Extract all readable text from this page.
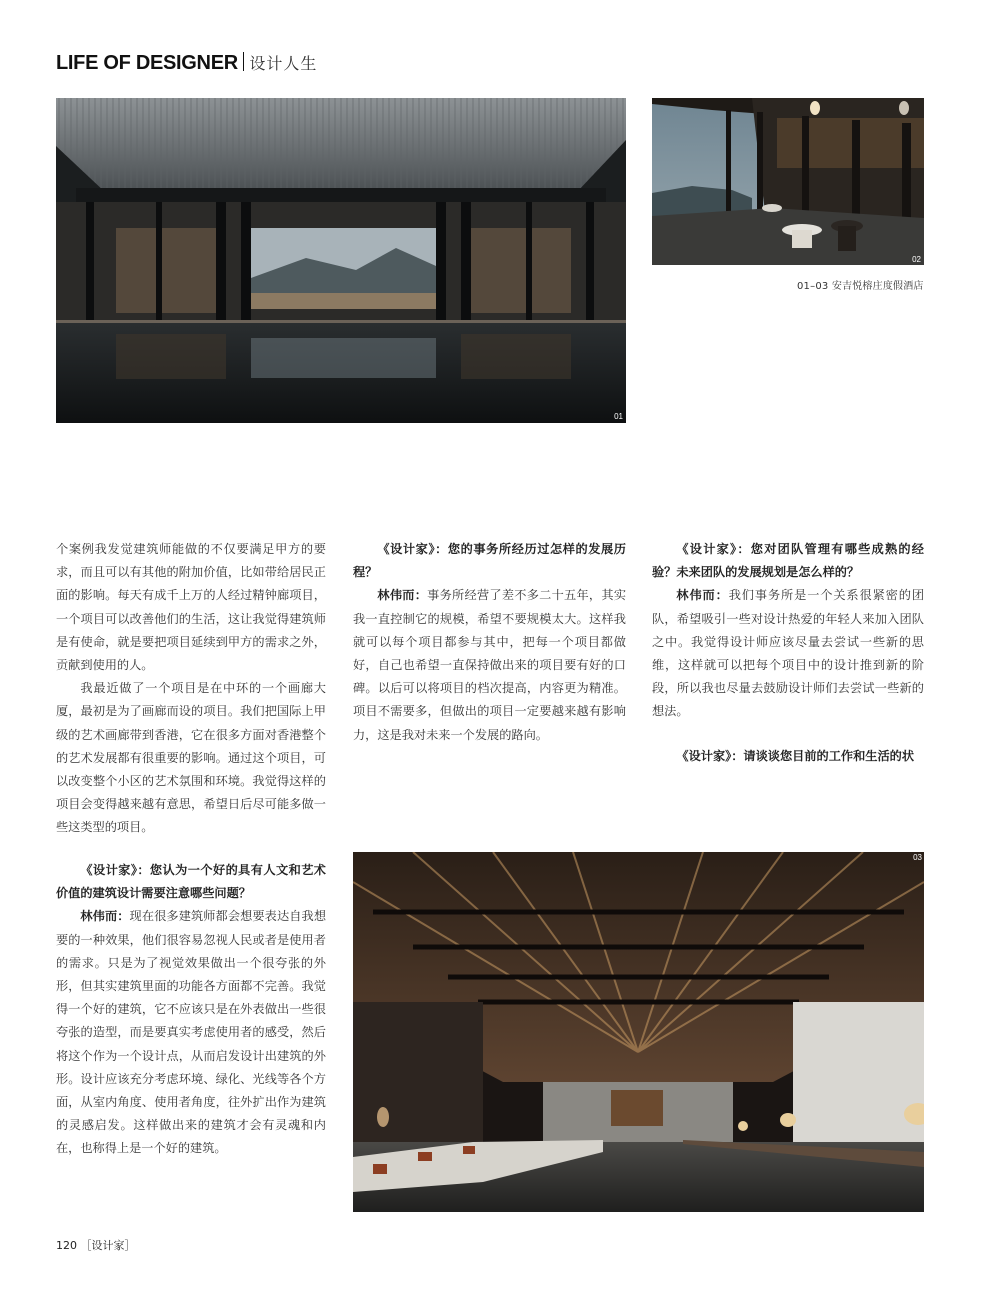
LIFE OF DESIGNER 设计人生
01
02
01–03 安吉悦榕庄度假酒店

个案例我发觉建筑师能做的不仅要满足甲方的要求，而且可以有其他的附加价值，比如带给居民正面的影响。每天有成千上万的人经过精钟廊项目，一个项目可以改善他们的生活，这让我觉得建筑师是有使命，就是要把项目延续到甲方的需求之外，贡献到使用的人。

我最近做了一个项目是在中环的一个画廊大厦，最初是为了画廊而设的项目。我们把国际上甲级的艺术画廊带到香港，它在很多方面对香港整个的艺术发展都有很重要的影响。通过这个项目，可以改变整个小区的艺术氛围和环境。我觉得这样的项目会变得越来越有意思，希望日后尽可能多做一些这类型的项目。

《设计家》：您认为一个好的具有人文和艺术价值的建筑设计需要注意哪些问题？

林伟而：现在很多建筑师都会想要表达自我想要的一种效果，他们很容易忽视人民或者是使用者的需求。只是为了视觉效果做出一个很夸张的外形，但其实建筑里面的功能各方面都不完善。我觉得一个好的建筑，它不应该只是在外表做出一些很夸张的造型，而是要真实考虑使用者的感受，然后将这个作为一个设计点，从而启发设计出建筑的外形。设计应该充分考虑环境、绿化、光线等各个方面，从室内角度、使用者角度，往外扩出作为建筑的灵感启发。这样做出来的建筑才会有灵魂和内在，也称得上是一个好的建筑。

《设计家》：您的事务所经历过怎样的发展历程？

林伟而：事务所经营了差不多二十五年，其实我一直控制它的规模，希望不要规模太大。这样我就可以每个项目都参与其中，把每一个项目都做好，自己也希望一直保持做出来的项目要有好的口碑。以后可以将项目的档次提高，内容更为精准。项目不需要多，但做出的项目一定要越来越有影响力，这是我对未来一个发展的路向。

《设计家》：您对团队管理有哪些成熟的经验？未来团队的发展规划是怎么样的？

林伟而：我们事务所是一个关系很紧密的团队，希望吸引一些对设计热爱的年轻人来加入团队之中。我觉得设计师应该尽量去尝试一些新的思维，这样就可以把每个项目中的设计推到新的阶段，所以我也尽量去鼓励设计师们去尝试一些新的想法。

《设计家》：请谈谈您目前的工作和生活的状

03
120 ［设计家］
